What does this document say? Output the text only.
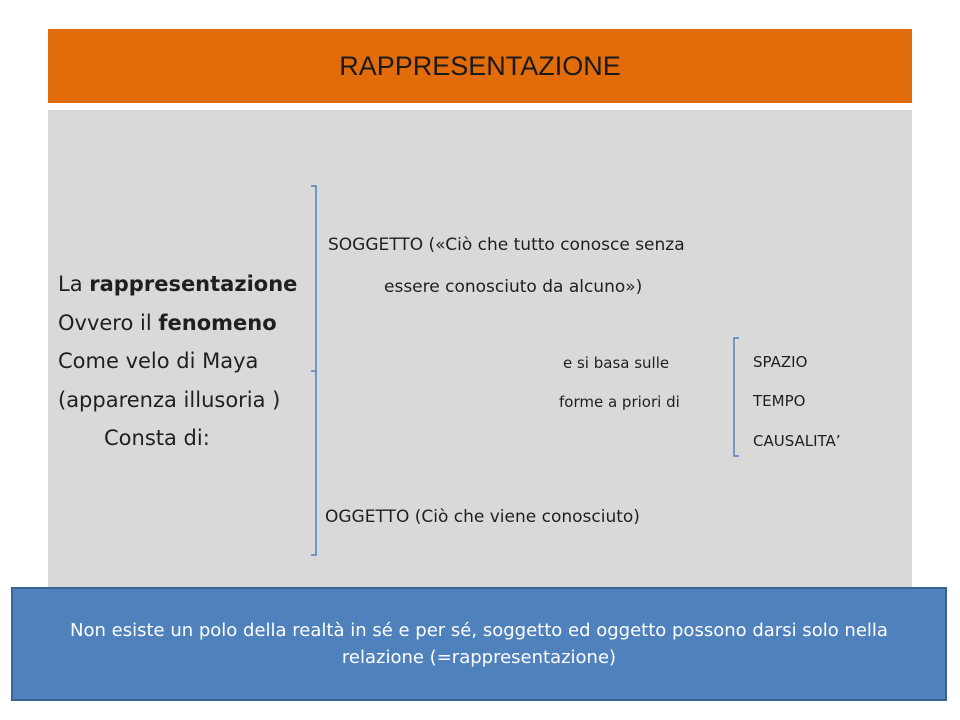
RAPPRESENTAZIONE
SOGGETTO («Ciò che tutto conosce senza
essere conosciuto da alcuno»)
La rappresentazione
Ovvero il fenomeno
Come velo di Maya
(apparenza illusoria )
Consta di:
e si basa sulle
forme a priori di
SPAZIO
TEMPO
CAUSALITA’
OGGETTO (Ciò che viene conosciuto)
Non esiste un polo della realtà in sé e per sé, soggetto ed oggetto possono darsi solo nella relazione (=rappresentazione)
